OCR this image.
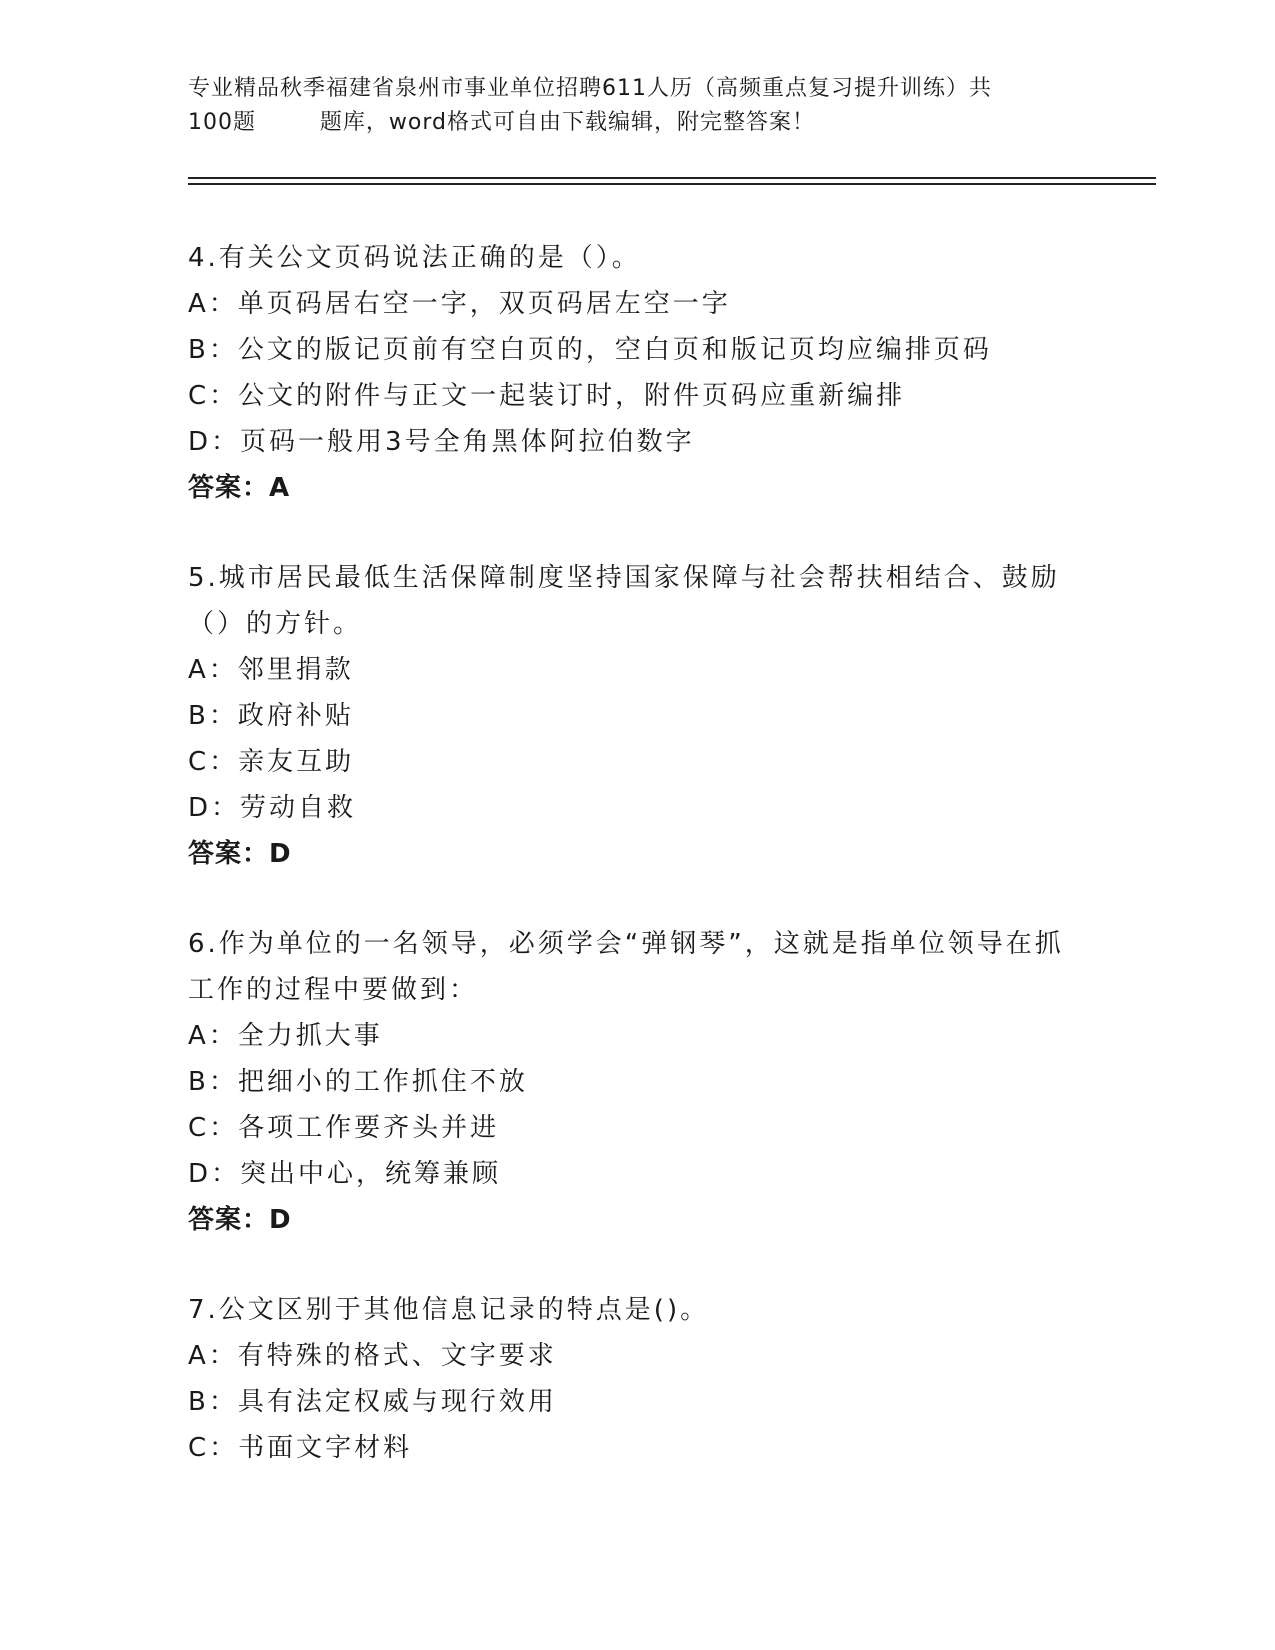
专业精品秋季福建省泉州市事业单位招聘611人历（高频重点复习提升训练）共
100题        题库，word格式可自由下载编辑，附完整答案！

4.有关公文页码说法正确的是（）。

A：单页码居右空一字，双页码居左空一字

B：公文的版记页前有空白页的，空白页和版记页均应编排页码

C：公文的附件与正文一起装订时，附件页码应重新编排

D：页码一般用3号全角黑体阿拉伯数字

答案：A

5.城市居民最低生活保障制度坚持国家保障与社会帮扶相结合、鼓励（）的方针。

A：邻里捐款

B：政府补贴

C：亲友互助

D：劳动自救

答案：D

6.作为单位的一名领导，必须学会“弹钢琴”，这就是指单位领导在抓工作的过程中要做到：

A：全力抓大事

B：把细小的工作抓住不放

C：各项工作要齐头并进

D：突出中心，统筹兼顾

答案：D

7.公文区别于其他信息记录的特点是()。

A：有特殊的格式、文字要求

B：具有法定权威与现行效用

C：书面文字材料
